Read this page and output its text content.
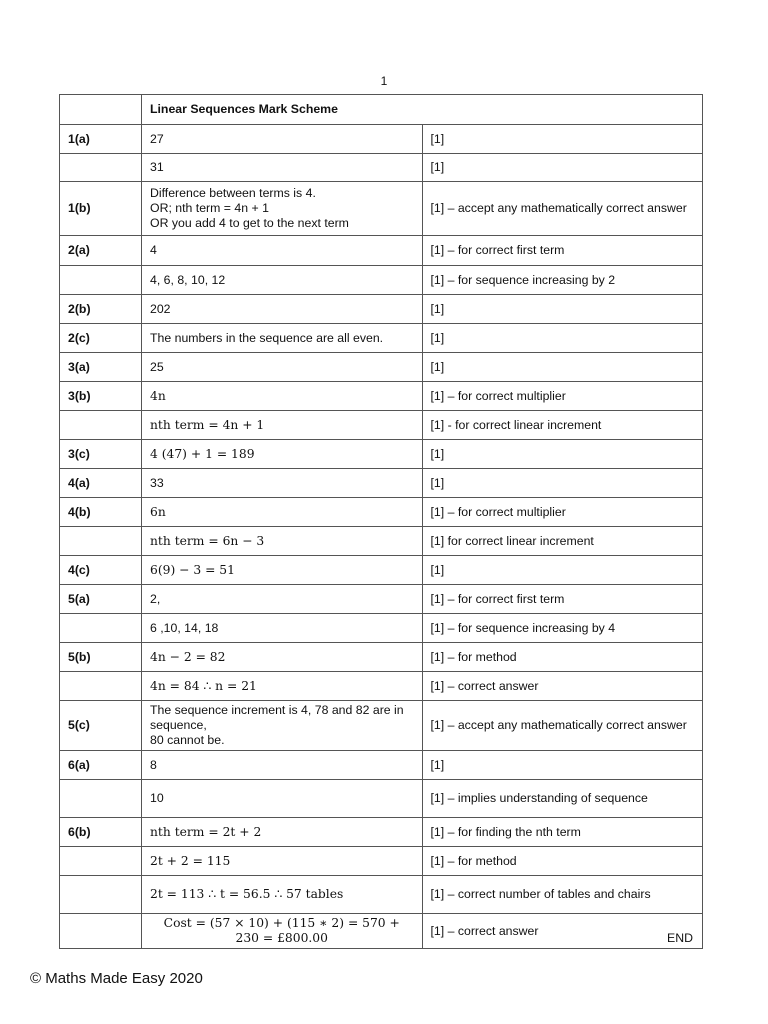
1
	Linear Sequences Mark Scheme	
1(a)	27	[1]
	31	[1]
1(b)	Difference between terms is 4.
OR; nth term = 4n + 1
OR you add 4 to get to the next term	[1] – accept any mathematically correct answer
2(a)	4	[1] – for correct first term
	4, 6, 8, 10, 12	[1] – for sequence increasing by 2
2(b)	202	[1]
2(c)	The numbers in the sequence are all even.	[1]
3(a)	25	[1]
3(b)	4n	[1] – for correct multiplier
	nth term = 4n + 1	[1] - for correct linear increment
3(c)	4 (47) + 1 = 189	[1]
4(a)	33	[1]
4(b)	6n	[1] – for correct multiplier
	nth term = 6n − 3	[1] for correct linear increment
4(c)	6(9) − 3 = 51	[1]
5(a)	2,	[1] – for correct first term
	6 ,10, 14, 18	[1] – for sequence increasing by 4
5(b)	4n − 2 = 82	[1] – for method
	4n = 84 ∴ n = 21	[1] – correct answer
5(c)	The sequence increment is 4, 78 and 82 are in sequence,
80 cannot be.	[1] – accept any mathematically correct answer
6(a)	8	[1]
	10	[1] – implies understanding of sequence
6(b)	nth term = 2t + 2	[1] – for finding the nth term
	2t + 2 = 115	[1] – for method
	2t = 113 ∴ t = 56.5 ∴ 57 tables	[1] – correct number of tables and chairs
	Cost = (57 × 10) + (115 ∗ 2) = 570 + 230 = £800.00	[1] – correct answer
END
© Maths Made Easy 2020
